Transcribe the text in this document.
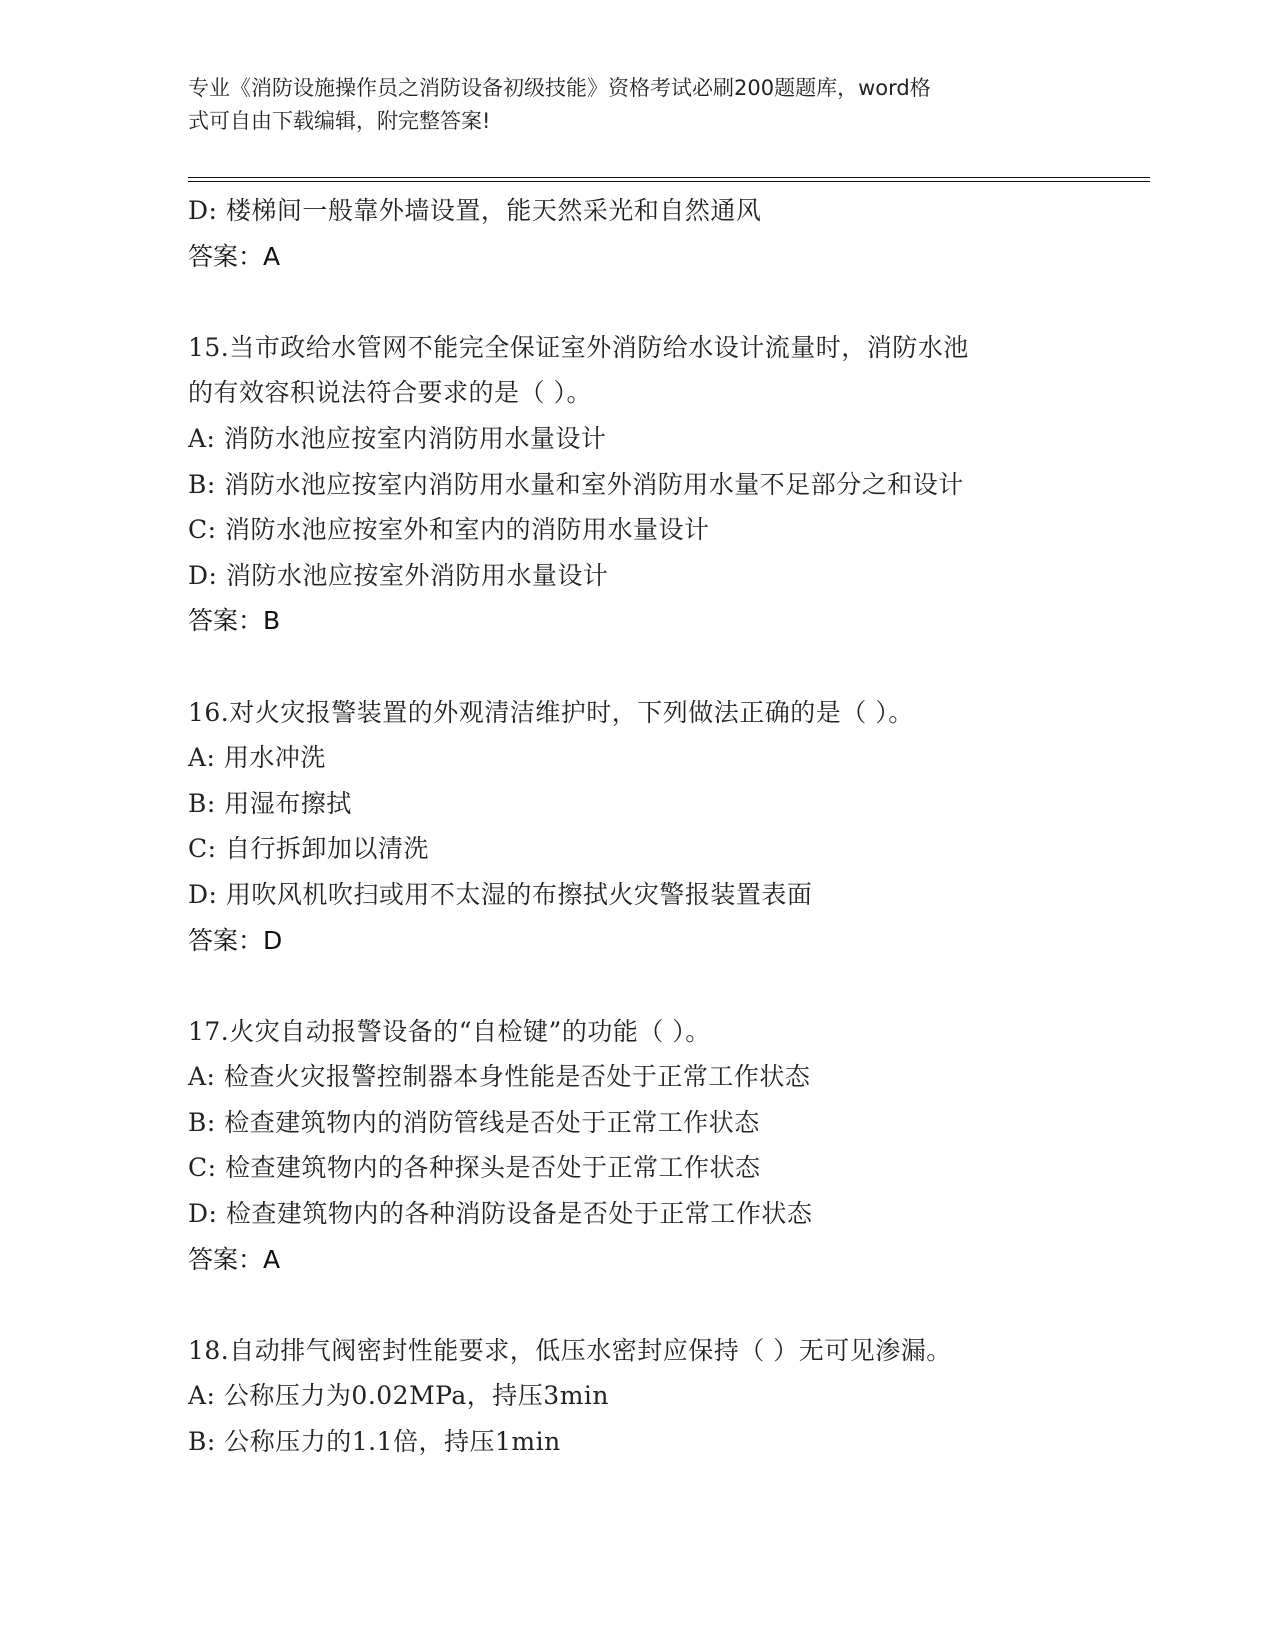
专业《消防设施操作员之消防设备初级技能》资格考试必刷200题题库，word格
式可自由下载编辑，附完整答案!
D: 楼梯间一般靠外墙设置，能天然采光和自然通风
答案：A
15.当市政给水管网不能完全保证室外消防给水设计流量时，消防水池
的有效容积说法符合要求的是（ ）。
A: 消防水池应按室内消防用水量设计
B: 消防水池应按室内消防用水量和室外消防用水量不足部分之和设计
C: 消防水池应按室外和室内的消防用水量设计
D: 消防水池应按室外消防用水量设计
答案：B
16.对火灾报警装置的外观清洁维护时，下列做法正确的是（ ）。
A: 用水冲洗
B: 用湿布擦拭
C: 自行拆卸加以清洗
D: 用吹风机吹扫或用不太湿的布擦拭火灾警报装置表面
答案：D
17.火灾自动报警设备的“自检键”的功能（ ）。
A: 检查火灾报警控制器本身性能是否处于正常工作状态
B: 检查建筑物内的消防管线是否处于正常工作状态
C: 检查建筑物内的各种探头是否处于正常工作状态
D: 检查建筑物内的各种消防设备是否处于正常工作状态
答案：A
18.自动排气阀密封性能要求，低压水密封应保持（ ）无可见渗漏。
A: 公称压力为0.02MPa，持压3min
B: 公称压力的1.1倍，持压1min
